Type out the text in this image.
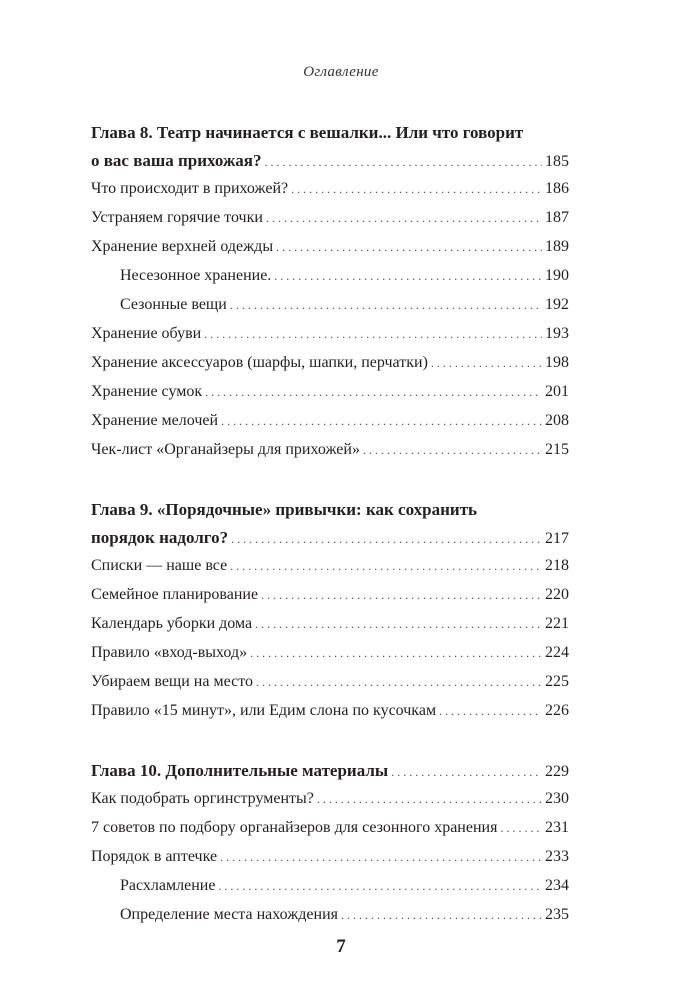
Оглавление
Глава 8. Театр начинается с вешалки... Или что говорит
о вас ваша прихожая? . . .	185
Что происходит в прихожей? . . .	186
Устраняем горячие точки . . .	187
Хранение верхней одежды . . .	189
Несезонное хранение. . . .	190
Сезонные вещи . . .	192
Хранение обуви . . .	193
Хранение аксессуаров (шарфы, шапки, перчатки) . . .	198
Хранение сумок . . .	201
Хранение мелочей . . .	208
Чек-лист «Органайзеры для прихожей» . . .	215
Глава 9. «Порядочные» привычки: как сохранить
порядок надолго? . . .	217
Списки — наше все . . .	218
Семейное планирование . . .	220
Календарь уборки дома . . .	221
Правило «вход-выход» . . .	224
Убираем вещи на место . . .	225
Правило «15 минут», или Едим слона по кусочкам . . .	226
Глава 10. Дополнительные материалы . . .	229
Как подобрать оргинструменты? . . .	230
7 советов по подбору органайзеров для сезонного хранения . . .	231
Порядок в аптечке . . .	233
Расхламление . . .	234
Определение места нахождения . . .	235
7
